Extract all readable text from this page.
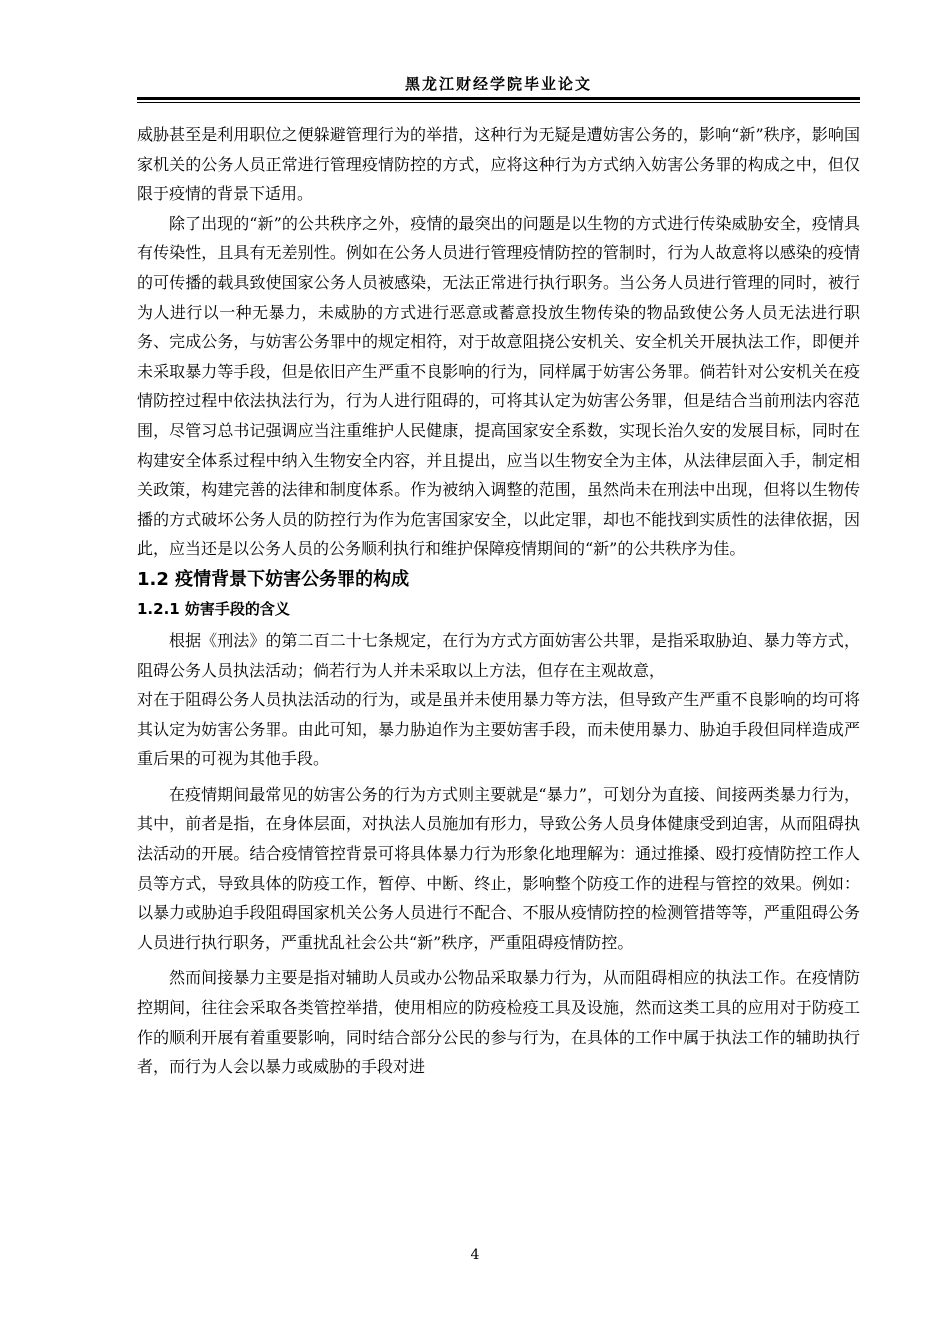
黑龙江财经学院毕业论文

威胁甚至是利用职位之便躲避管理行为的举措，这种行为无疑是遭妨害公务的，影响“新”秩序，影响国家机关的公务人员正常进行管理疫情防控的方式，应将这种行为方式纳入妨害公务罪的构成之中，但仅限于疫情的背景下适用。

除了出现的“新”的公共秩序之外，疫情的最突出的问题是以生物的方式进行传染威胁安全，疫情具有传染性，且具有无差别性。例如在公务人员进行管理疫情防控的管制时，行为人故意将以感染的疫情的可传播的载具致使国家公务人员被感染，无法正常进行执行职务。当公务人员进行管理的同时，被行为人进行以一种无暴力，未威胁的方式进行恶意或蓄意投放生物传染的物品致使公务人员无法进行职务、完成公务，与妨害公务罪中的规定相符，对于故意阻挠公安机关、安全机关开展执法工作，即便并未采取暴力等手段，但是依旧产生严重不良影响的行为，同样属于妨害公务罪。倘若针对公安机关在疫情防控过程中依法执法行为，行为人进行阻碍的，可将其认定为妨害公务罪，但是结合当前刑法内容范围，尽管习总书记强调应当注重维护人民健康，提高国家安全系数，实现长治久安的发展目标，同时在构建安全体系过程中纳入生物安全内容，并且提出，应当以生物安全为主体，从法律层面入手，制定相关政策，构建完善的法律和制度体系。作为被纳入调整的范围，虽然尚未在刑法中出现，但将以生物传播的方式破坏公务人员的防控行为作为危害国家安全，以此定罪，却也不能找到实质性的法律依据，因此，应当还是以公务人员的公务顺利执行和维护保障疫情期间的“新”的公共秩序为佳。

1.2 疫情背景下妨害公务罪的构成
1.2.1 妨害手段的含义

根据《刑法》的第二百二十七条规定，在行为方式方面妨害公共罪，是指采取胁迫、暴力等方式，阻碍公务人员执法活动；倘若行为人并未采取以上方法，但存在主观故意，

对在于阻碍公务人员执法活动的行为，或是虽并未使用暴力等方法，但导致产生严重不良影响的均可将其认定为妨害公务罪。由此可知，暴力胁迫作为主要妨害手段，而未使用暴力、胁迫手段但同样造成严重后果的可视为其他手段。

在疫情期间最常见的妨害公务的行为方式则主要就是“暴力”，可划分为直接、间接两类暴力行为，其中，前者是指，在身体层面，对执法人员施加有形力，导致公务人员身体健康受到迫害，从而阻碍执法活动的开展。结合疫情管控背景可将具体暴力行为形象化地理解为：通过推搡、殴打疫情防控工作人员等方式，导致具体的防疫工作，暂停、中断、终止，影响整个防疫工作的进程与管控的效果。例如：以暴力或胁迫手段阻碍国家机关公务人员进行不配合、不服从疫情防控的检测管措等等，严重阻碍公务人员进行执行职务，严重扰乱社会公共“新”秩序，严重阻碍疫情防控。

然而间接暴力主要是指对辅助人员或办公物品采取暴力行为，从而阻碍相应的执法工作。在疫情防控期间，往往会采取各类管控举措，使用相应的防疫检疫工具及设施，然而这类工具的应用对于防疫工作的顺利开展有着重要影响，同时结合部分公民的参与行为，在具体的工作中属于执法工作的辅助执行者，而行为人会以暴力或威胁的手段对进

4
